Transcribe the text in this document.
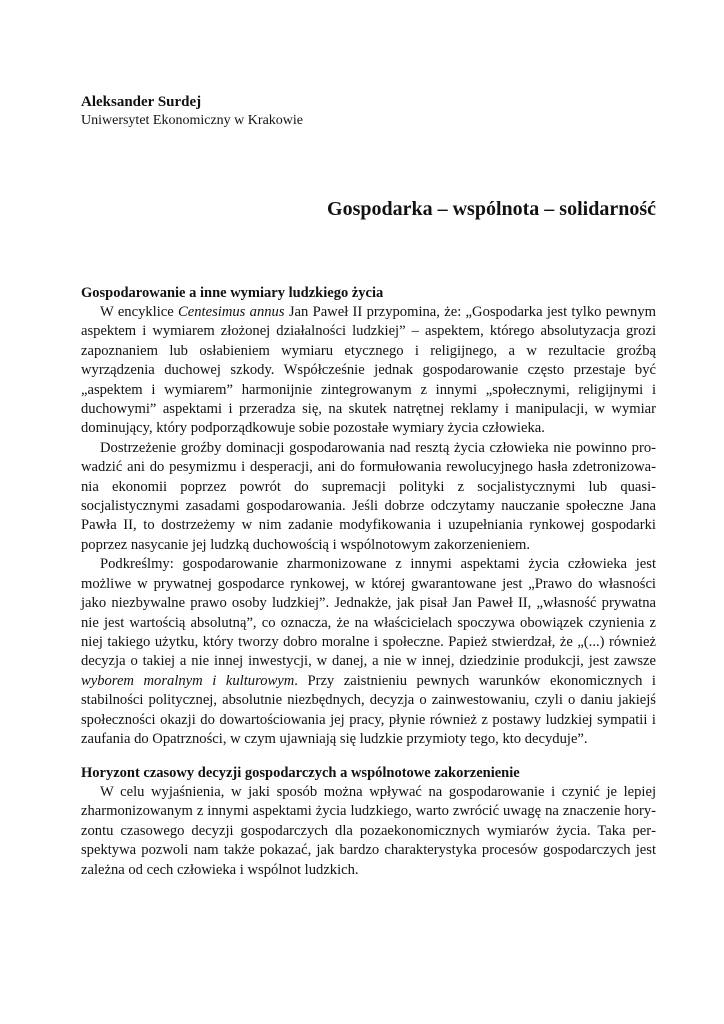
Aleksander Surdej
Uniwersytet Ekonomiczny w Krakowie
Gospodarka – wspólnota – solidarność
Gospodarowanie a inne wymiary ludzkiego życia

W encyklice Centesimus annus Jan Paweł II przypomina, że: „Gospodarka jest tylko pewnym aspektem i wymiarem złożonej działalności ludzkiej” – aspektem, którego absolutyzacja grozi zapoznaniem lub osłabieniem wymiaru etycznego i religijnego, a w rezultacie groźbą wyrządzenia duchowej szkody. Współcześnie jednak gospodarowanie często przestaje być „aspektem i wymiarem” harmonijnie zintegrowanym z innymi „społecznymi, religijnymi i duchowymi” aspektami i przeradza się, na skutek natrętnej reklamy i manipulacji, w wymiar dominujący, który podporządkowuje sobie pozostałe wymiary życia człowieka.

Dostrzeżenie groźby dominacji gospodarowania nad resztą życia człowieka nie powinno prowadzić ani do pesymizmu i desperacji, ani do formułowania rewolucyjnego hasła zdetronizowania ekonomii poprzez powrót do supremacji polityki z socjalistycznymi lub quasi-socjalistycznymi zasadami gospodarowania. Jeśli dobrze odczytamy nauczanie społeczne Jana Pawła II, to dostrzeżemy w nim zadanie modyfikowania i uzupełniania rynkowej gospodarki poprzez nasycanie jej ludzką duchowością i wspólnotowym zakorzenieniem.

Podkreślmy: gospodarowanie zharmonizowane z innymi aspektami życia człowieka jest możliwe w prywatnej gospodarce rynkowej, w której gwarantowane jest „Prawo do własności jako niezbywalne prawo osoby ludzkiej”. Jednakże, jak pisał Jan Paweł II, „własność prywatna nie jest wartością absolutną”, co oznacza, że na właścicielach spoczywa obowiązek czynienia z niej takiego użytku, który tworzy dobro moralne i społeczne. Papież stwierdzał, że „(...) również decyzja o takiej a nie innej inwestycji, w danej, a nie w innej, dziedzinie produkcji, jest zawsze wyborem moralnym i kulturowym. Przy zaistnieniu pewnych warunków ekonomicznych i stabilności politycznej, absolutnie niezbędnych, decyzja o zainwestowaniu, czyli o daniu jakiejś społeczności okazji do dowartościowania jej pracy, płynie również z postawy ludzkiej sympatii i zaufania do Opatrzności, w czym ujawniają się ludzkie przymioty tego, kto decyduje”.

Horyzont czasowy decyzji gospodarczych a wspólnotowe zakorzenienie

W celu wyjaśnienia, w jaki sposób można wpływać na gospodarowanie i czynić je lepiej zharmonizowanym z innymi aspektami życia ludzkiego, warto zwrócić uwagę na znaczenie horyzontu czasowego decyzji gospodarczych dla pozaekonomicznych wymiarów życia. Taka perspektywa pozwoli nam także pokazać, jak bardzo charakterystyka procesów gospodarczych jest zależna od cech człowieka i wspólnot ludzkich.
